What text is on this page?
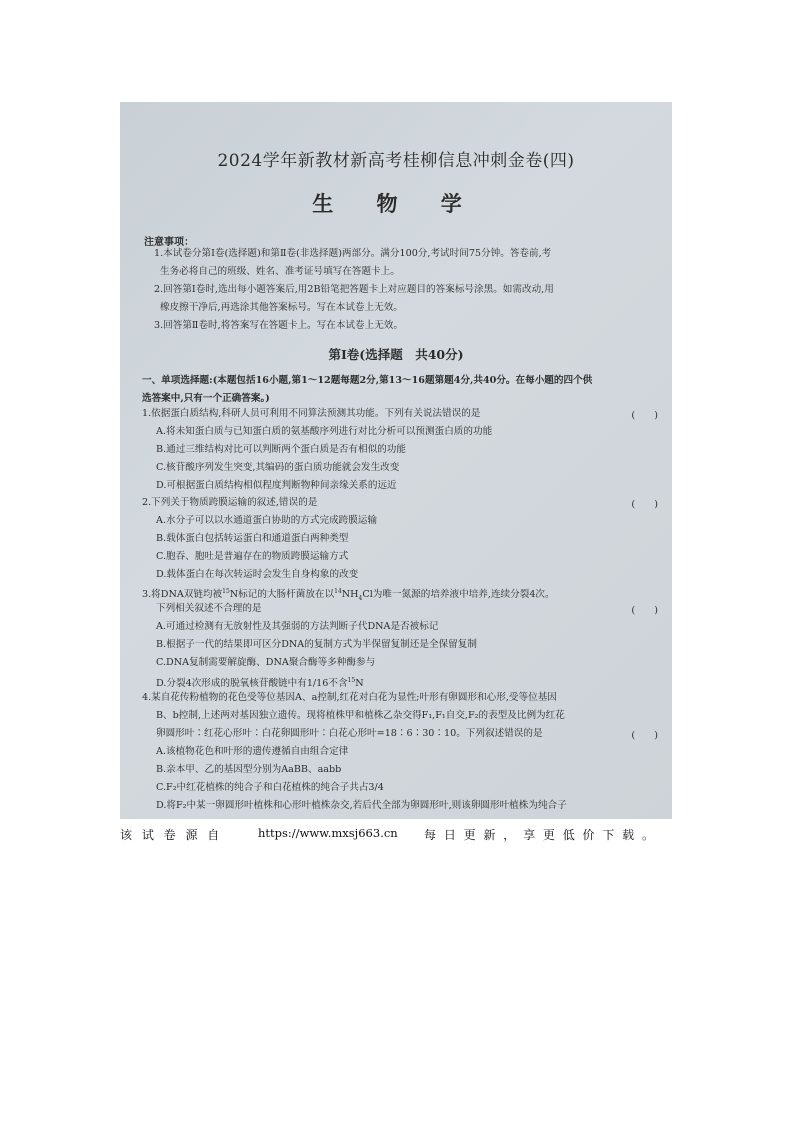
2024学年新教材新高考桂柳信息冲刺金卷(四)
生 物 学
注意事项：
1.本试卷分第Ⅰ卷(选择题)和第Ⅱ卷(非选择题)两部分。满分100分,考试时间75分钟。答卷前,考
生务必将自己的班级、姓名、准考证号填写在答题卡上。
2.回答第Ⅰ卷时,选出每小题答案后,用2B铅笔把答题卡上对应题目的答案标号涂黑。如需改动,用
橡皮擦干净后,再选涂其他答案标号。写在本试卷上无效。
3.回答第Ⅱ卷时,将答案写在答题卡上。写在本试卷上无效。
第Ⅰ卷(选择题　共40分)
一、单项选择题:(本题包括16小题,第1～12题每题2分,第13～16题第题4分,共40分。在每小题的四个供
选答案中,只有一个正确答案。)
1.依据蛋白质结构,科研人员可利用不同算法预测其功能。下列有关说法错误的是	(　　)
A.将未知蛋白质与已知蛋白质的氨基酸序列进行对比分析可以预测蛋白质的功能
B.通过三维结构对比可以判断两个蛋白质是否有相似的功能
C.核苷酸序列发生突变,其编码的蛋白质功能就会发生改变
D.可根据蛋白质结构相似程度判断物种间亲缘关系的远近
2.下列关于物质跨膜运输的叙述,错误的是	(　　)
A.水分子可以以水通道蛋白协助的方式完成跨膜运输
B.载体蛋白包括转运蛋白和通道蛋白两种类型
C.胞吞、胞吐是普遍存在的物质跨膜运输方式
D.载体蛋白在每次转运时会发生自身构象的改变
3.将DNA双链均被$^{15}$N标记的大肠杆菌放在以$^{14}NH_4Cl$为唯一氮源的培养液中培养,连续分裂4次。
下列相关叙述不合理的是	(　　)
A.可通过检测有无放射性及其强弱的方法判断子代DNA是否被标记
B.根据子一代的结果即可区分DNA的复制方式为半保留复制还是全保留复制
C.DNA复制需要解旋酶、DNA聚合酶等多种酶参与
D.分裂4次形成的脱氧核苷酸链中有1/16不含$^{15}$N
4.某自花传粉植物的花色受等位基因A、a控制,红花对白花为显性;叶形有卵圆形和心形,受等位基因
B、b控制,上述两对基因独立遗传。现将植株甲和植株乙杂交得F₁,F₁自交,F₂的表型及比例为红花
卵圆形叶∶红花心形叶∶白花卵圆形叶∶白花心形叶=18∶6∶30∶10。下列叙述错误的是	(　　)
A.该植物花色和叶形的遗传遵循自由组合定律
B.亲本甲、乙的基因型分别为AaBB、aabb
C.F₂中红花植株的纯合子和白花植株的纯合子共占3/4
D.将F₂中某一卵圆形叶植株和心形叶植株杂交,若后代全部为卵圆形叶,则该卵圆形叶植株为纯合子
该 试 卷 源 自	https://www.mxsj663.cn 每 日 更 新 ， 享 更 低 价 下 载 。
